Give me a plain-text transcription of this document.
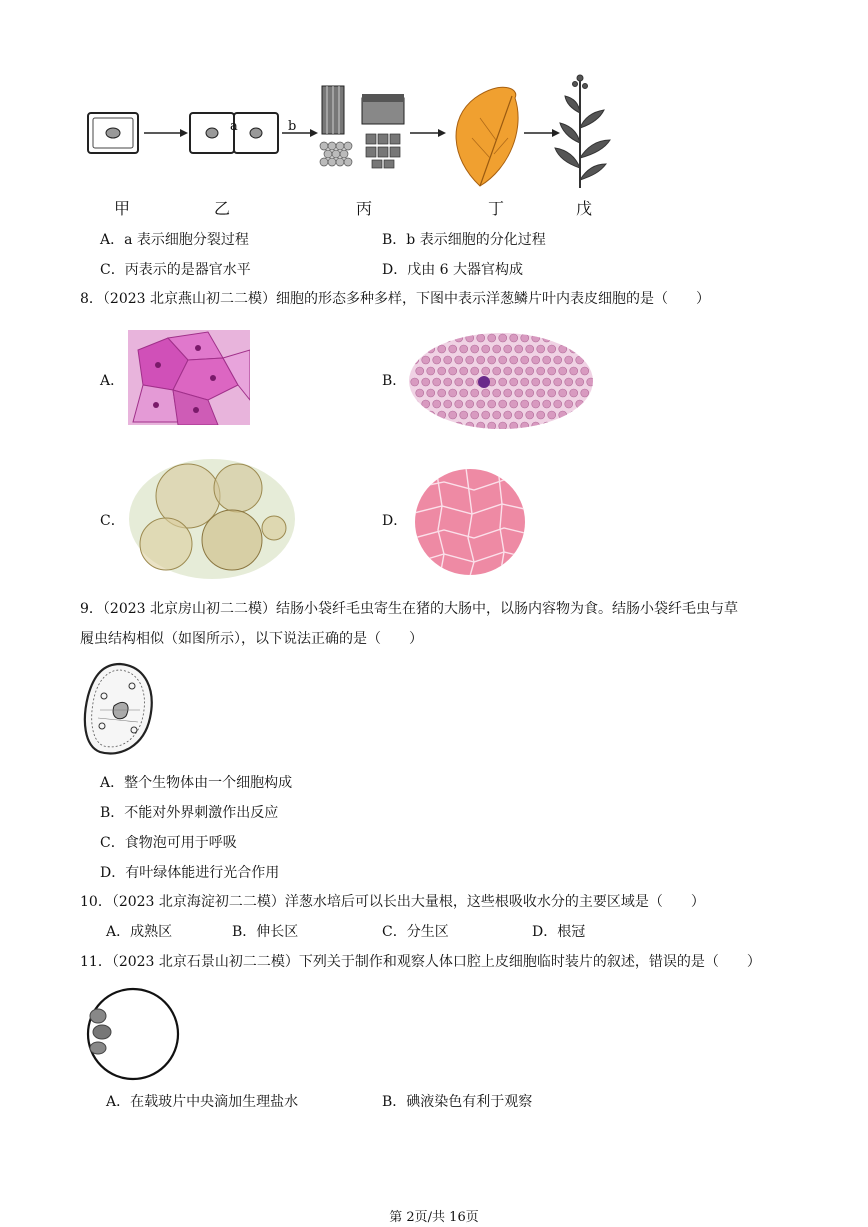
a	b
甲	乙	丙	丁	戊
A．a 表示细胞分裂过程	B．b 表示细胞的分化过程
C．丙表示的是器官水平	D．戊由 6 大器官构成
8．（2023 北京燕山初二二模）细胞的形态多种多样，下图中表示洋葱鳞片叶内表皮细胞的是（　　）
A．	B．
C．	D．
9．（2023 北京房山初二二模）结肠小袋纤毛虫寄生在猪的大肠中，以肠内容物为食。结肠小袋纤毛虫与草
履虫结构相似（如图所示），以下说法正确的是（　　）
A．整个生物体由一个细胞构成
B．不能对外界刺激作出反应
C．食物泡可用于呼吸
D．有叶绿体能进行光合作用
10．（2023 北京海淀初二二模）洋葱水培后可以长出大量根，这些根吸收水分的主要区域是（　　）
A．成熟区	B．伸长区	C．分生区	D．根冠
11．（2023 北京石景山初二二模）下列关于制作和观察人体口腔上皮细胞临时装片的叙述，错误的是（　　）
A．在载玻片中央滴加生理盐水	B．碘液染色有利于观察
第 2页/共 16页
